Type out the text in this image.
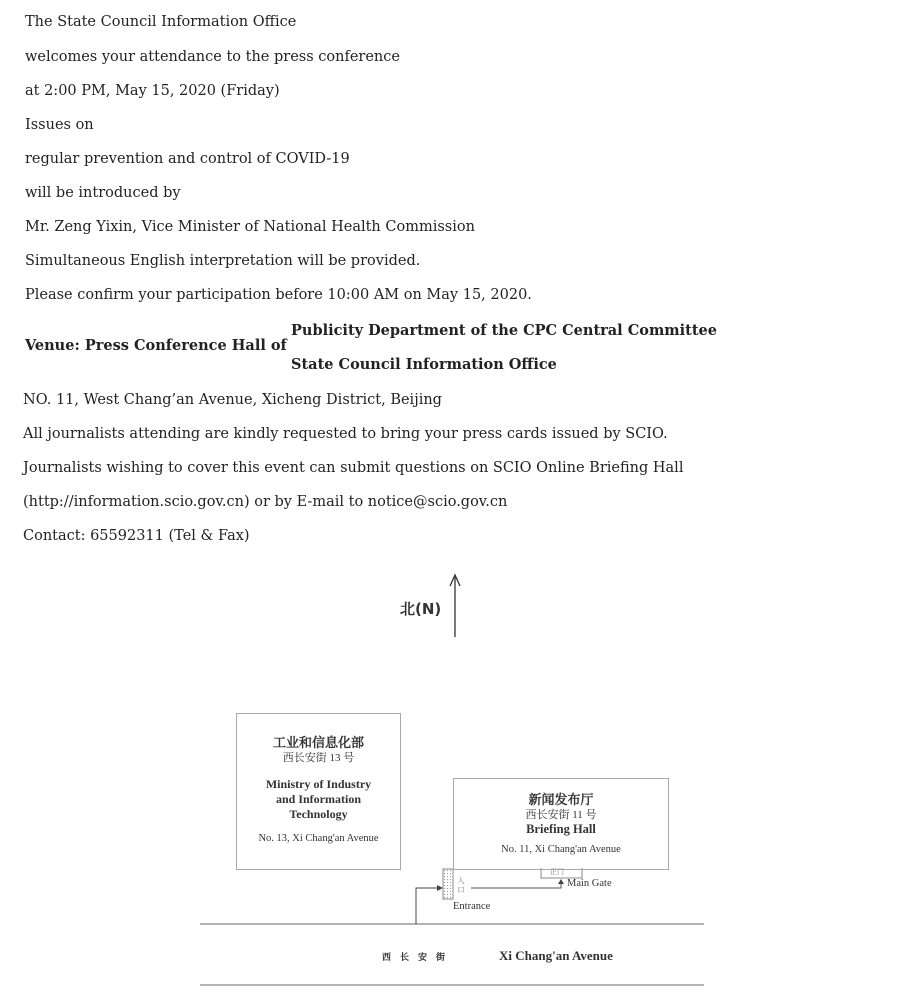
The State Council Information Office
welcomes your attendance to the press conference
at 2:00 PM, May 15, 2020 (Friday)
Issues on
regular prevention and control of COVID-19
will be introduced by
Mr. Zeng Yixin, Vice Minister of National Health Commission
Simultaneous English interpretation will be provided.
Please confirm your participation before 10:00 AM on May 15, 2020.
Venue: Press Conference Hall of
Publicity Department of the CPC Central Committee
State Council Information Office
NO. 11, West Chang’an Avenue, Xicheng District, Beijing
All journalists attending are kindly requested to bring your press cards issued by SCIO.
Journalists wishing to cover this event can submit questions on SCIO Online Briefing Hall
(http://information.scio.gov.cn) or by E-mail to notice@scio.gov.cn
Contact: 65592311 (Tel & Fax)
北(N)
工业和信息化部
西长安街 13 号
Ministry of Industry and Information Technology
No. 13, Xi Chang'an Avenue
新闻发布厅
西长安街 11 号
Briefing Hall
No. 11, Xi Chang'an Avenue
正门
Main Gate
入口
Entrance
西　长　安　街	Xi Chang'an Avenue
